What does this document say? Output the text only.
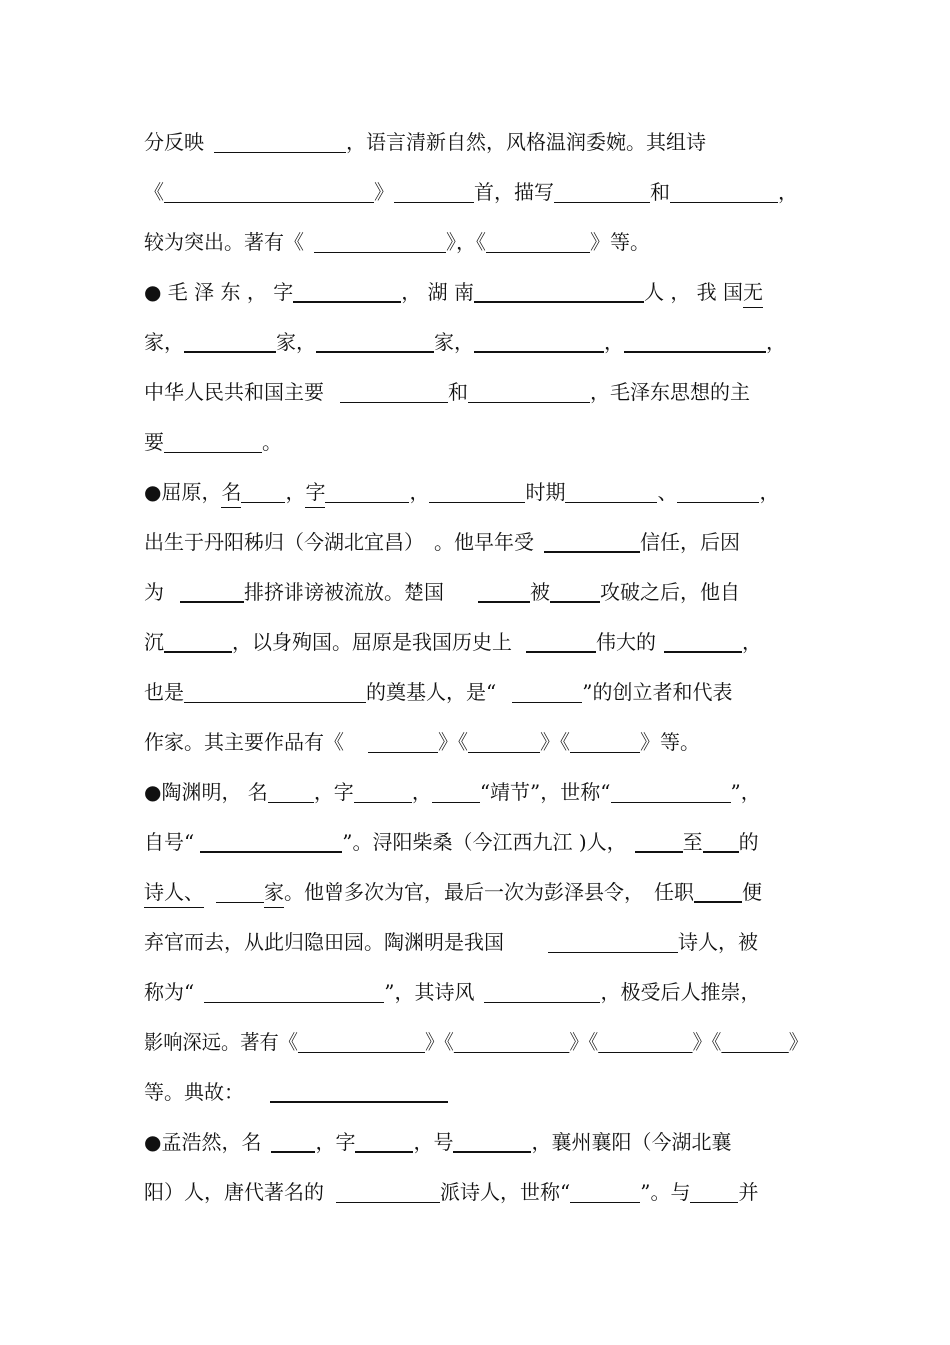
分反映	，语言清新自然，风格温润委婉。其组诗
《	》	首，描写	和	，
较为突出。著有《	》，《	》等。
● 毛 泽 东 ， 字	， 湖 南	人 ， 我 国无
家，	家，	家，	，	，
中华人民共和国主要	和	，毛泽东思想的主
要	。
●屈原，名 ，字	，	时期	、	，
出生于丹阳秭归（今湖北宜昌）　。他早年受	信任，后因
为	排挤诽谤被流放。楚国	被	攻破之后，他自
沉	，以身殉国。屈原是我国历史上	伟大的	，
也是	的奠基人，是“	”的创立者和代表
作家。其主要作品有《	》《	》《	》等。
●陶渊明， 名 ，字	， “靖节”，世称“	”，
自号“	”。浔阳柴桑（今江西九江 )人，	至 的
诗人、	家。他曾多次为官，最后一次为彭泽县令，　任职 便
弃官而去，从此归隐田园。陶渊明是我国	诗人，被
称为“	”，其诗风	，极受后人推崇，
影响深远。著有《	》《	》《	》《	》
等。典故：
●孟浩然，名	，字	，号	，襄州襄阳（今湖北襄
阳）人，唐代著名的	派诗人，世称“	”。与 并
